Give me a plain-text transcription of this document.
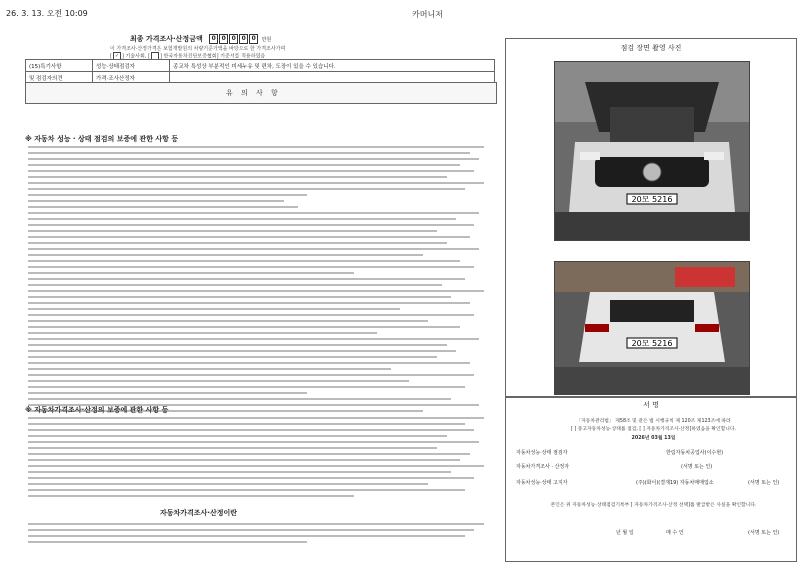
26. 3. 13. 오전 10:09	카머니저
최종 가격조사·산정금액	0 0 0 0 0	만원
이 가격조사·산정가격은 보험개발원의 차량기준가액을 바탕으로 한 가격조사가며
[ ✓ ] 기술사회, [ ] 한국자동차진단보증협회] 기준서를 적용하였음
(15)특기사항	성능·상태점검자	종교차 특성상 부분적인 미세누유 및 편차, 도장이 있을 수 있습니다.
및 점검자의견	가격·조사산정자	
유 의 사 항
※ 자동차 성능 · 상태 점검의 보증에 관한 사항 등
※ 자동차가격조사·산정의 보증에 관한 사항 등
자동차가격조사·산정이란
점검 장면 촬영 사진
20모 5216
20모 5216
서 명
「자동차관리법」 제58조 및 같은 법 시행규칙 제 120조 제123조에 따라
[ ] 중고자동차성능·상태를 점검, [ ] 자동차가격조사·산정]하였음을 확인합니다.
2026년 03월 13일
자동차성능·상태 점검자	한림자동차공업사(이수현)
자동차가격조사 · 산정자	(서명 또는 인)
자동차성능·상태 고지자	(주)(화이)(결재19) 자동차매매업소	(서명 또는 인)
본인은 위 자동차성능·상태점검기록부 [ 자동차가격조사·산정 선택]를 발급받은 사실을 확인합니다.
년 월 일	매 수 인	(서명 또는 인)
